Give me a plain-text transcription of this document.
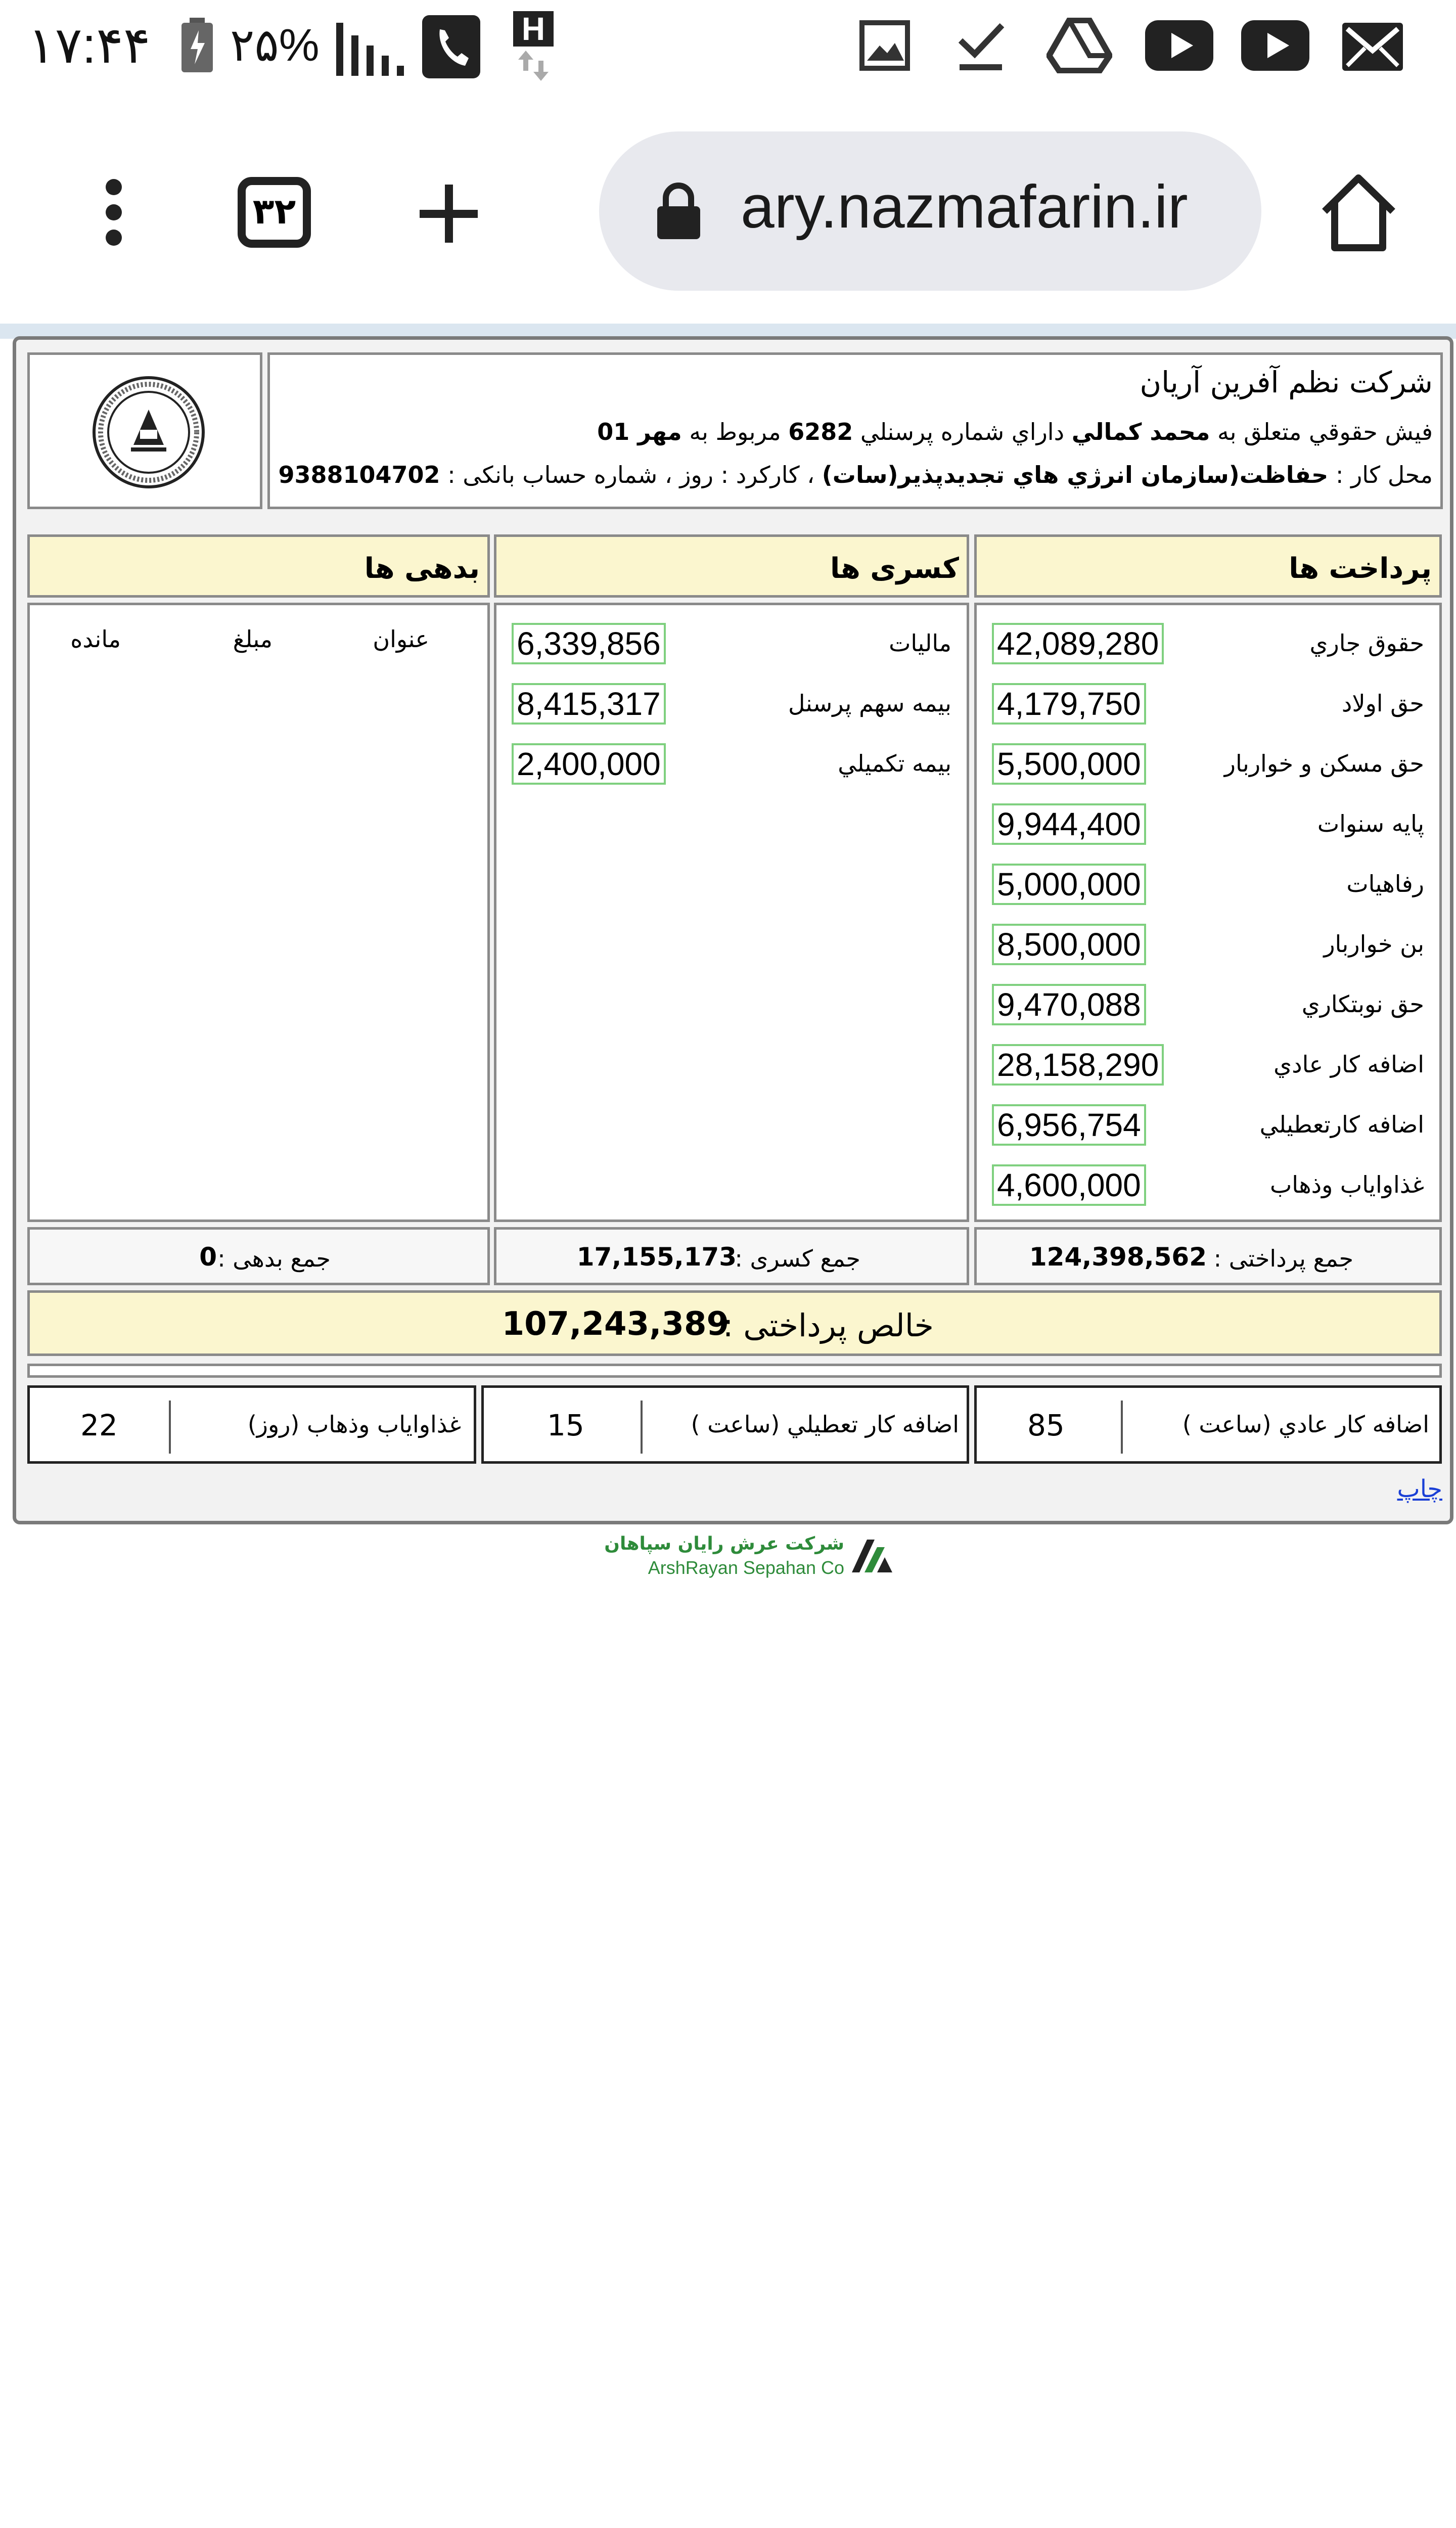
۱۷:۴۴ ۲۵%	H
۳۲	ary.nazmafarin.ir
شرکت نظم آفرین آریان
فیش حقوقي متعلق به محمد كمالي داراي شماره پرسنلي 6282 مربوط به مهر 01
محل كار : حفاظت(سازمان انرژي هاي تجديدپذير(سات) ، كاركرد : روز ، شماره حساب بانكی : 9388104702
پرداخت ها
کسری ها
بدهی ها
حقوق جاري
42,089,280
حق اولاد
4,179,750
حق مسكن و خواربار
5,500,000
پايه سنوات
9,944,400
رفاهيات
5,000,000
بن خواربار
8,500,000
حق نوبتكاري
9,470,088
اضافه كار عادي
28,158,290
اضافه كارتعطيلي
6,956,754
غذاوایاب وذهاب
4,600,000
ماليات
6,339,856
بيمه سهم پرسنل
8,415,317
بيمه تكميلي
2,400,000
عنوان
مبلغ
مانده
جمع پرداختی :
124,398,562
جمع کسری :
17,155,173
جمع بدهی :
0
خالص پرداختی :
107,243,389
اضافه كار عادي (ساعت )
85
اضافه كار تعطيلي (ساعت )
15
غذاوایاب وذهاب (روز)
22
چاپ
شرکت عرش رایان سپاهان
ArshRayan Sepahan Co
